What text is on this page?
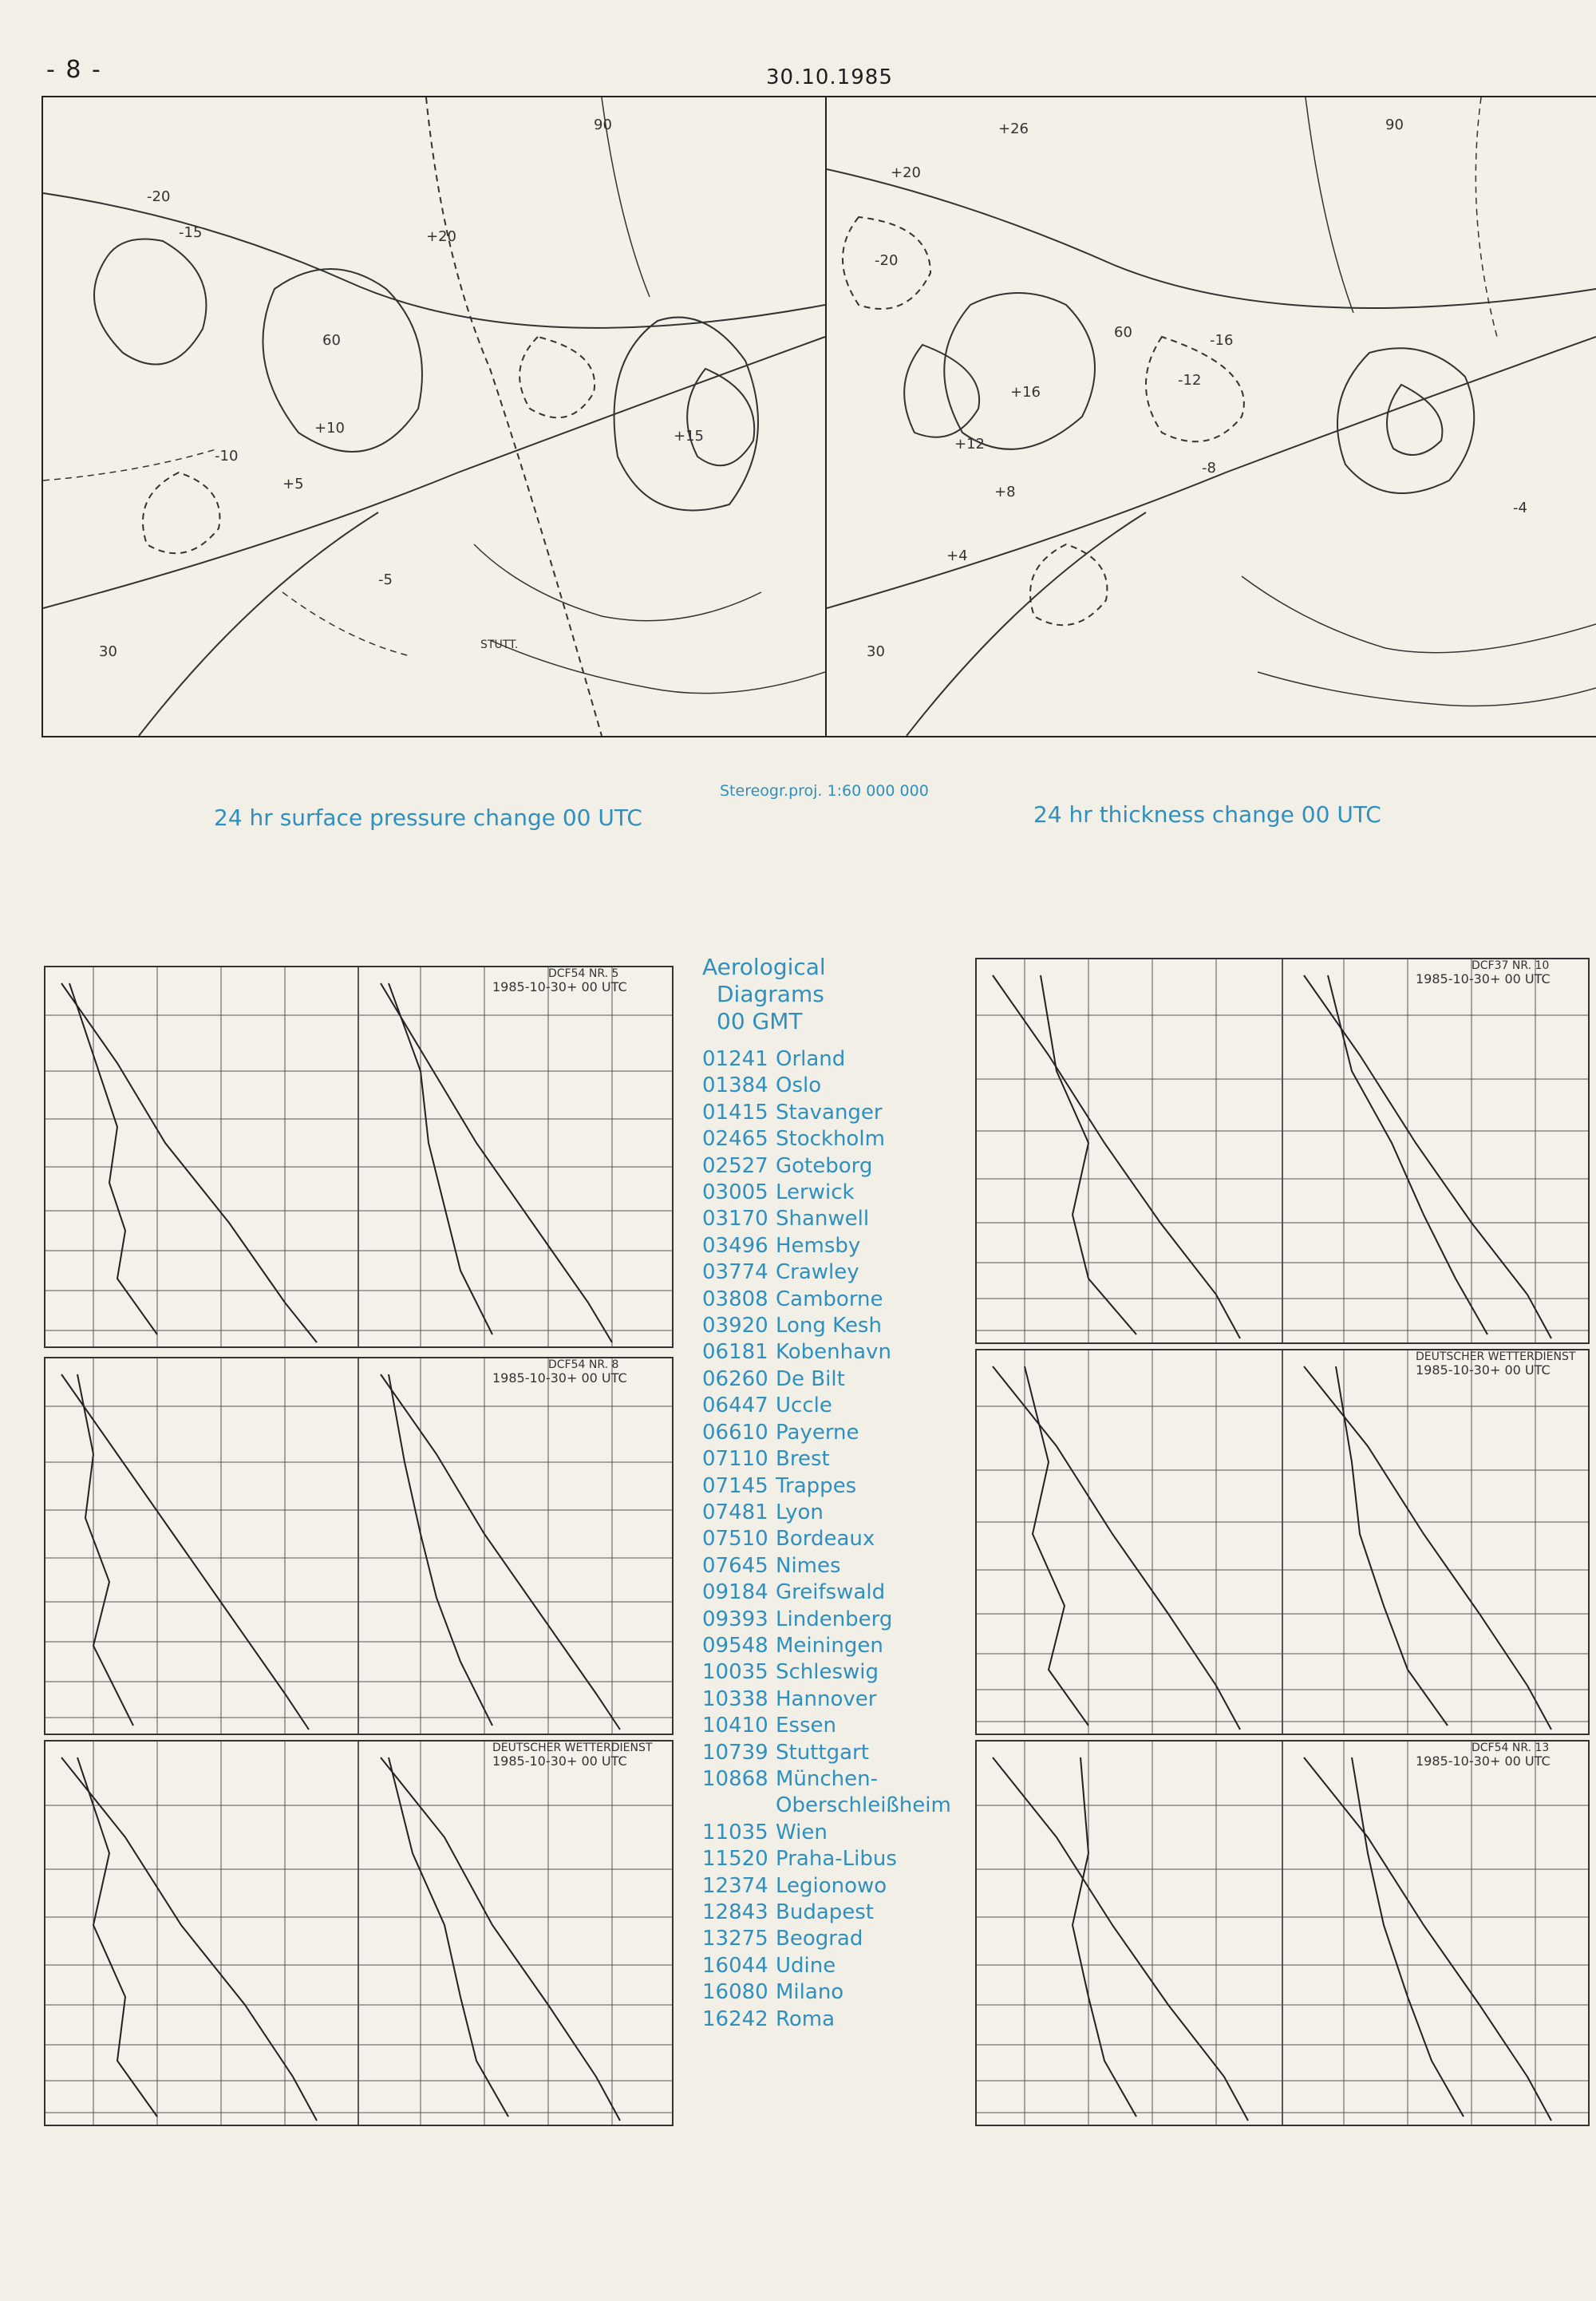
- 8 -	30.10.1985
-20
-15
-10
-5
+5
+10	+15
+20
60
30
90
STUTT.
+26
+20
+16
+12
-16
-12
-20
+8
+4
-8
-4
60
30
90
Stereogr.proj. 1:60 000 000
24 hr surface pressure change 00 UTC	24 hr thickness change 00 UTC
1985-10-30+ 00 UTC
DCF54 NR. 5
1985-10-30+ 00 UTC
DCF54 NR. 8
1985-10-30+ 00 UTC
DEUTSCHER WETTERDIENST
Aerological
Diagrams
00 GMT
01241 Orland
01384 Oslo
01415 Stavanger
02465 Stockholm
02527 Goteborg
03005 Lerwick
03170 Shanwell
03496 Hemsby
03774 Crawley
03808 Camborne
03920 Long Kesh
06181 Kobenhavn
06260 De Bilt
06447 Uccle
06610 Payerne
07110 Brest
07145 Trappes
07481 Lyon
07510 Bordeaux
07645 Nimes
09184 Greifswald
09393 Lindenberg
09548 Meiningen
10035 Schleswig
10338 Hannover
10410 Essen
10739 Stuttgart
10868 München-
Oberschleißheim
11035 Wien
11520 Praha-Libus
12374 Legionowo
12843 Budapest
13275 Beograd
16044 Udine
16080 Milano
16242 Roma
1985-10-30+ 00 UTC
DCF37 NR. 10
1985-10-30+ 00 UTC
DEUTSCHER WETTERDIENST
1985-10-30+ 00 UTC
DCF54 NR. 13
